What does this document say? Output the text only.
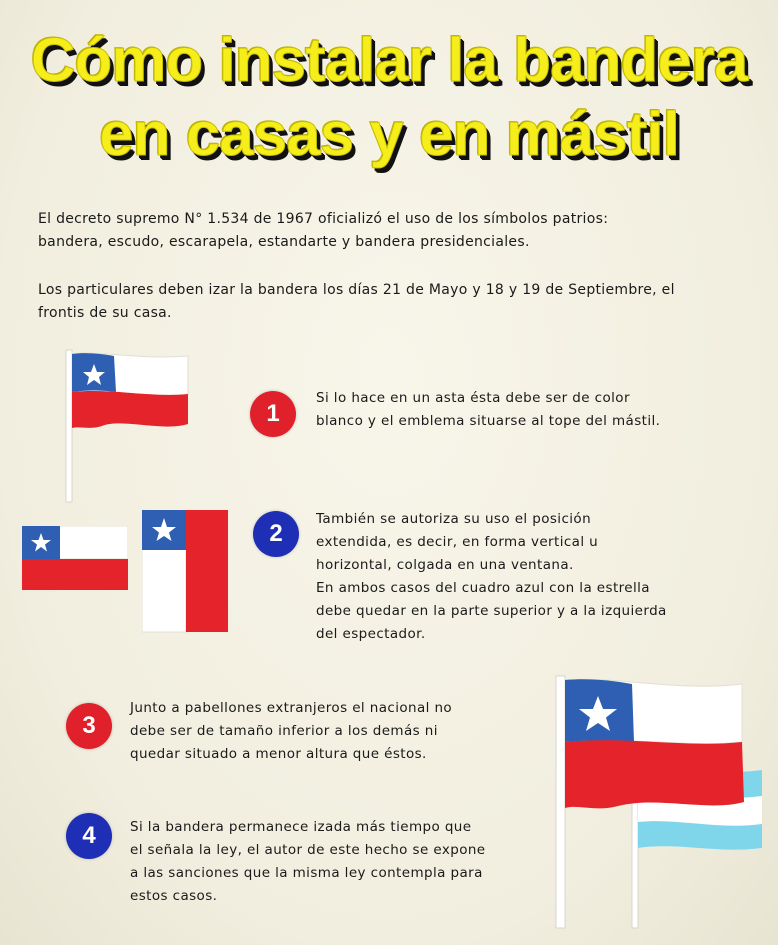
Cómo instalar la bandera
en casas y en mástil
El decreto supremo N° 1.534 de 1967 oficializó el uso de los símbolos patrios:
bandera, escudo, escarapela, estandarte y bandera presidenciales.
Los particulares deben izar la bandera los días 21 de Mayo y 18 y 19 de Septiembre, el
frontis de su casa.
1
Si lo hace en un asta ésta debe ser de color
blanco y el emblema situarse al tope del mástil.
2
También se autoriza su uso el posición
extendida, es decir, en forma vertical u
horizontal, colgada en una ventana.
En ambos casos del cuadro azul con la estrella
debe quedar en la parte superior y a la izquierda
del espectador.
3
Junto a pabellones extranjeros el nacional no
debe ser de tamaño inferior a los demás ni
quedar situado a menor altura que éstos.
4	Si la bandera permanece izada más tiempo que
el señala la ley, el autor de este hecho se expone
a las sanciones que la misma ley contempla para
estos casos.
